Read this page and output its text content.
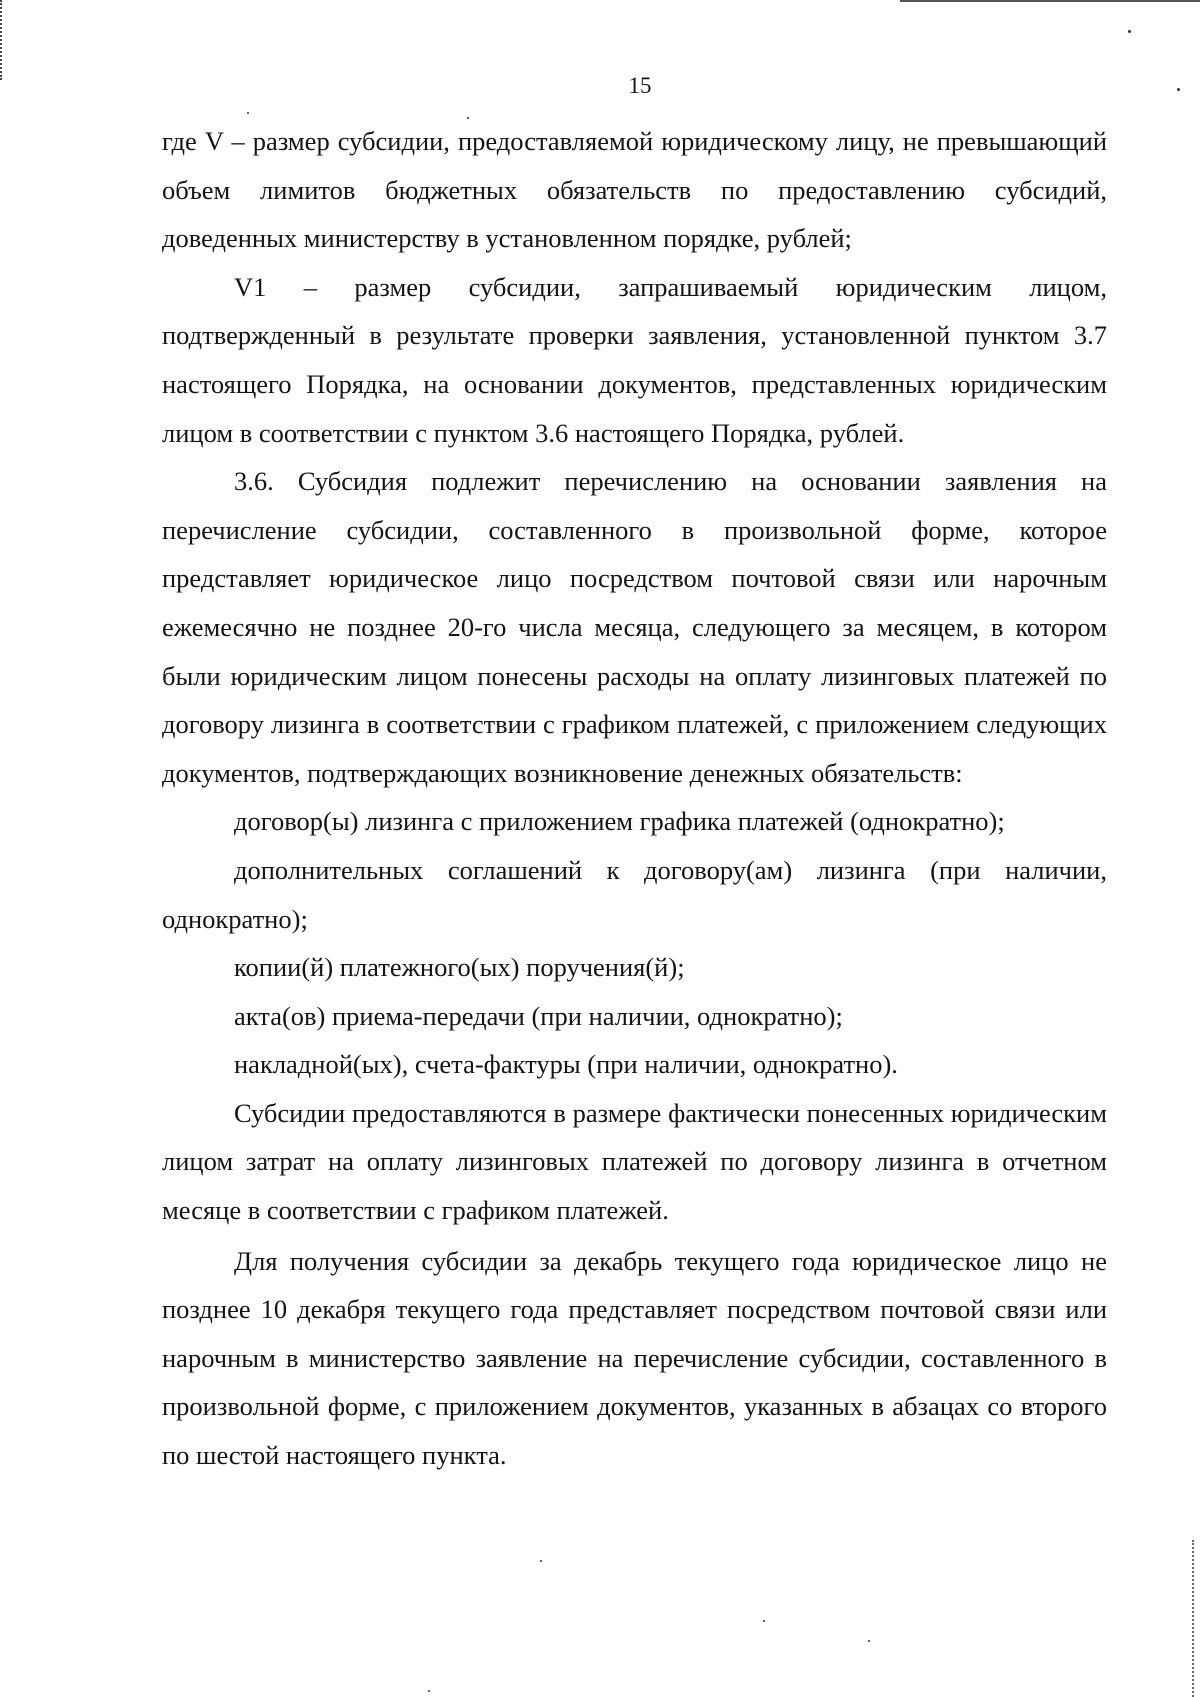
15

где V – размер субсидии, предоставляемой юридическому лицу, не превышающий объем лимитов бюджетных обязательств по предоставлению субсидий, доведенных министерству в установленном порядке, рублей;

V1 – размер субсидии, запрашиваемый юридическим лицом, подтвержденный в результате проверки заявления, установленной пунктом 3.7 настоящего Порядка, на основании документов, представленных юридическим лицом в соответствии с пунктом 3.6 настоящего Порядка, рублей.

3.6. Субсидия подлежит перечислению на основании заявления на перечисление субсидии, составленного в произвольной форме, которое представляет юридическое лицо посредством почтовой связи или нарочным ежемесячно не позднее 20-го числа месяца, следующего за месяцем, в котором были юридическим лицом понесены расходы на оплату лизинговых платежей по договору лизинга в соответствии с графиком платежей, с приложением следующих документов, подтверждающих возникновение денежных обязательств:

договор(ы) лизинга с приложением графика платежей (однократно);

дополнительных соглашений к договору(ам) лизинга (при наличии, однократно);

копии(й) платежного(ых) поручения(й);

акта(ов) приема-передачи (при наличии, однократно);

накладной(ых), счета-фактуры (при наличии, однократно).

Субсидии предоставляются в размере фактически понесенных юридическим лицом затрат на оплату лизинговых платежей по договору лизинга в отчетном месяце в соответствии с графиком платежей.

Для получения субсидии за декабрь текущего года юридическое лицо не позднее 10 декабря текущего года представляет посредством почтовой связи или нарочным в министерство заявление на перечисление субсидии, составленного в произвольной форме, с приложением документов, указанных в абзацах со второго по шестой настоящего пункта.
